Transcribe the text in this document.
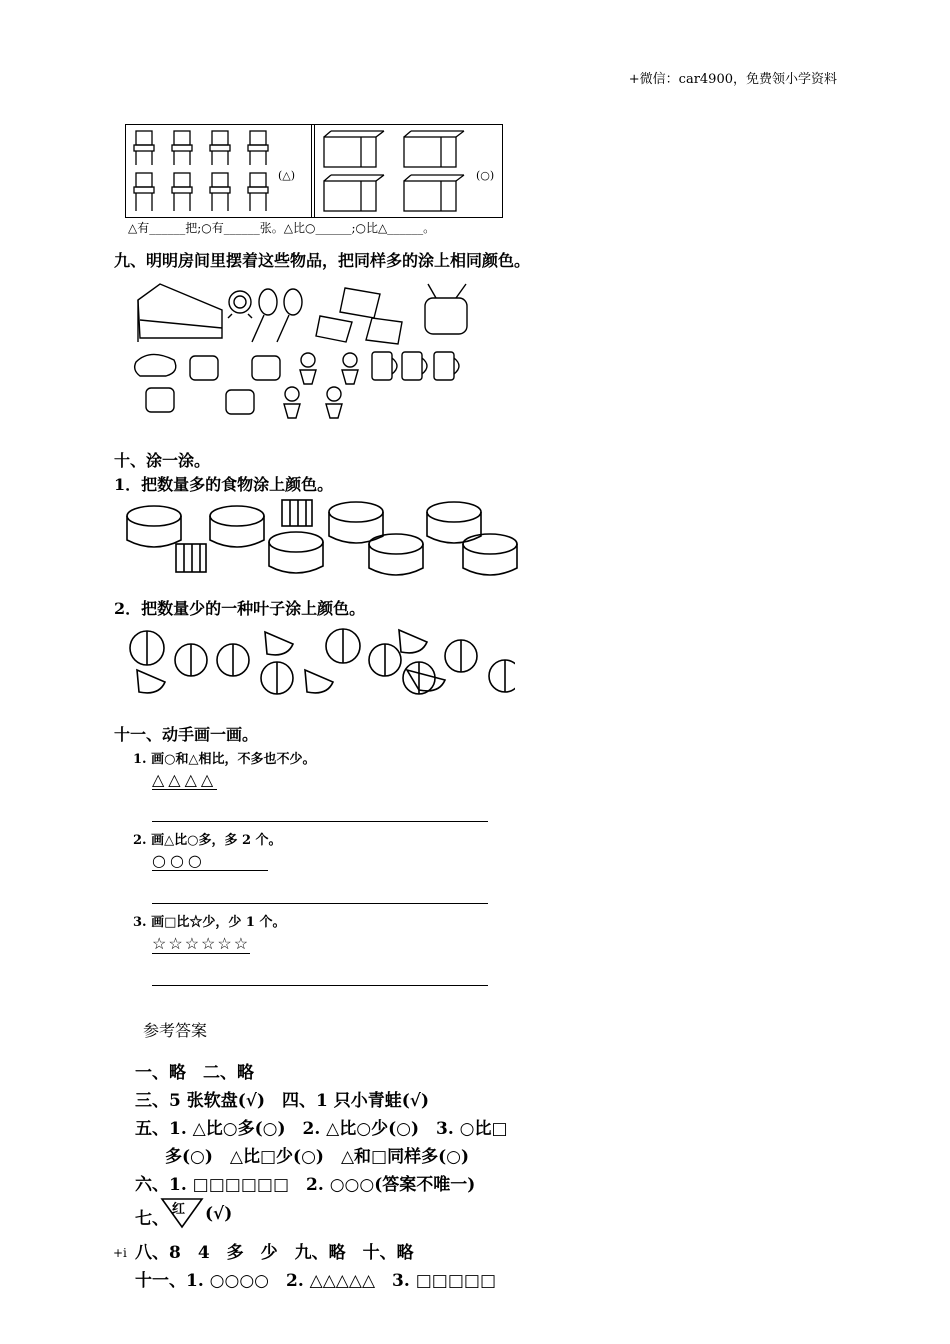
+微信：car4900，免费领小学资料
(△)	(○)
△有______把;○有______张。△比○______;○比△______。
九、明明房间里摆着这些物品，把同样多的涂上相同颜色。
十、涂一涂。
1．把数量多的食物涂上颜色。
2．把数量少的一种叶子涂上颜色。
十一、动手画一画。
1. 画○和△相比，不多也不少。
△△△△
2. 画△比○多，多 2 个。
○○○
3. 画□比☆少，少 1 个。
☆☆☆☆☆☆
参考答案
一、略　二、略
三、5 张软盘(√)　四、1 只小青蛙(√)
五、1. △比○多(○)　2. △比○少(○)　3. ○比□
多(○)　△比□少(○)　△和□同样多(○)
六、1. □□□□□□　2. ○○○(答案不唯一)
七、 红 (√)
八、8　4　多　少　九、略　十、略
+i
十一、1. ○○○○　2. △△△△△　3. □□□□□
